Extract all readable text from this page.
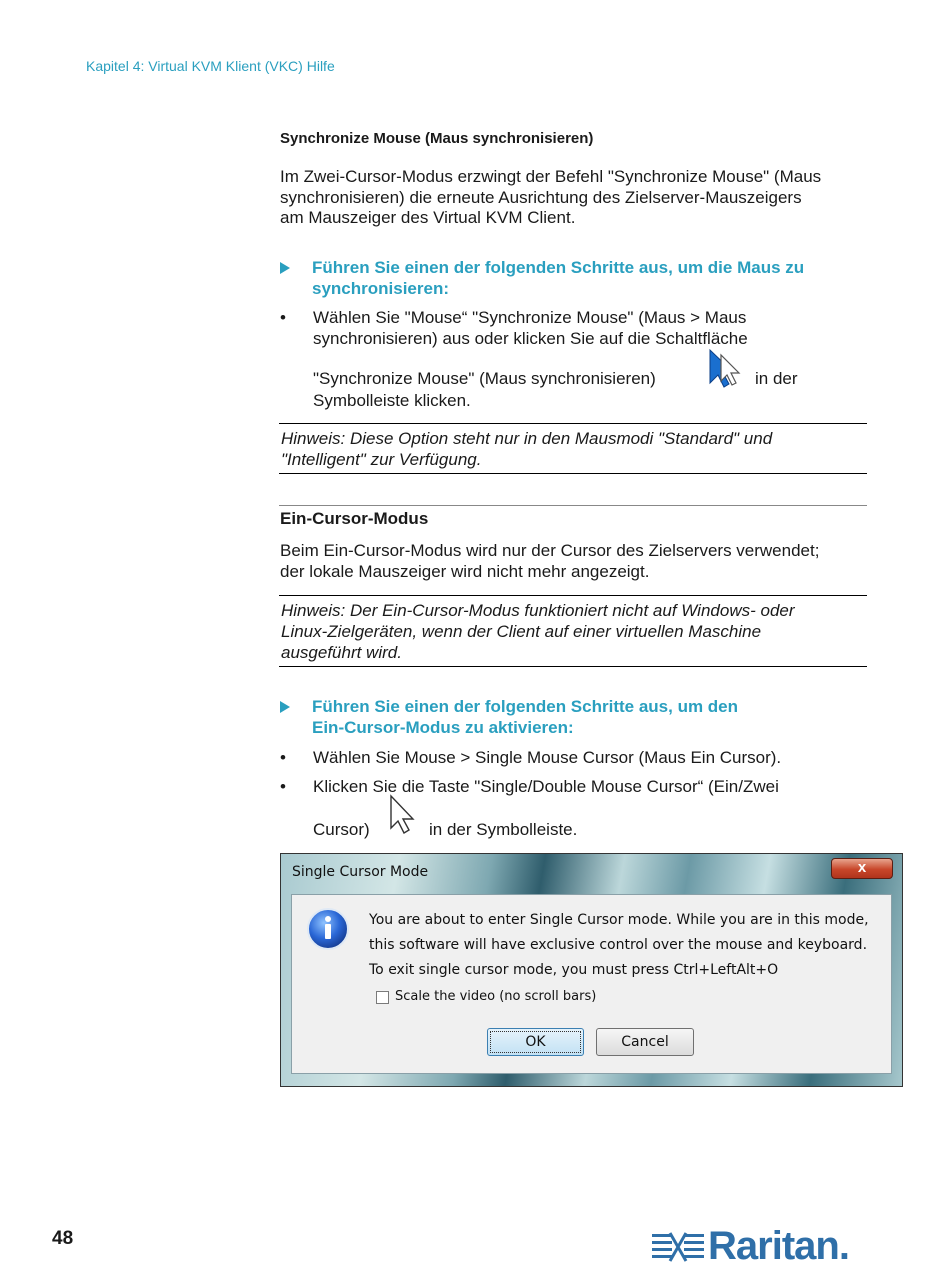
Kapitel 4: Virtual KVM Klient (VKC) Hilfe
Synchronize Mouse (Maus synchronisieren)
Im Zwei-Cursor-Modus erzwingt der Befehl "Synchronize Mouse" (Maus
synchronisieren) die erneute Ausrichtung des Zielserver-Mauszeigers
am Mauszeiger des Virtual KVM Client.
Führen Sie einen der folgenden Schritte aus, um die Maus zu
synchronisieren:
• Wählen Sie "Mouse“ "Synchronize Mouse" (Maus > Maus
synchronisieren) aus oder klicken Sie auf die Schaltfläche
"Synchronize Mouse" (Maus synchronisieren)	in der
Symbolleiste klicken.
Hinweis: Diese Option steht nur in den Mausmodi "Standard" und
"Intelligent" zur Verfügung.
Ein-Cursor-Modus
Beim Ein-Cursor-Modus wird nur der Cursor des Zielservers verwendet;
der lokale Mauszeiger wird nicht mehr angezeigt.
Hinweis: Der Ein-Cursor-Modus funktioniert nicht auf Windows- oder
Linux-Zielgeräten, wenn der Client auf einer virtuellen Maschine
ausgeführt wird.
Führen Sie einen der folgenden Schritte aus, um den
Ein-Cursor-Modus zu aktivieren:
• Wählen Sie Mouse > Single Mouse Cursor (Maus Ein Cursor).
• Klicken Sie die Taste "Single/Double Mouse Cursor“ (Ein/Zwei
Cursor)	in der Symbolleiste.
Single Cursor Mode	x
You are about to enter Single Cursor mode. While you are in this mode,
this software will have exclusive control over the mouse and keyboard.
To exit single cursor mode, you must press Ctrl+LeftAlt+O
Scale the video (no scroll bars)
OK	Cancel
48	Raritan.
